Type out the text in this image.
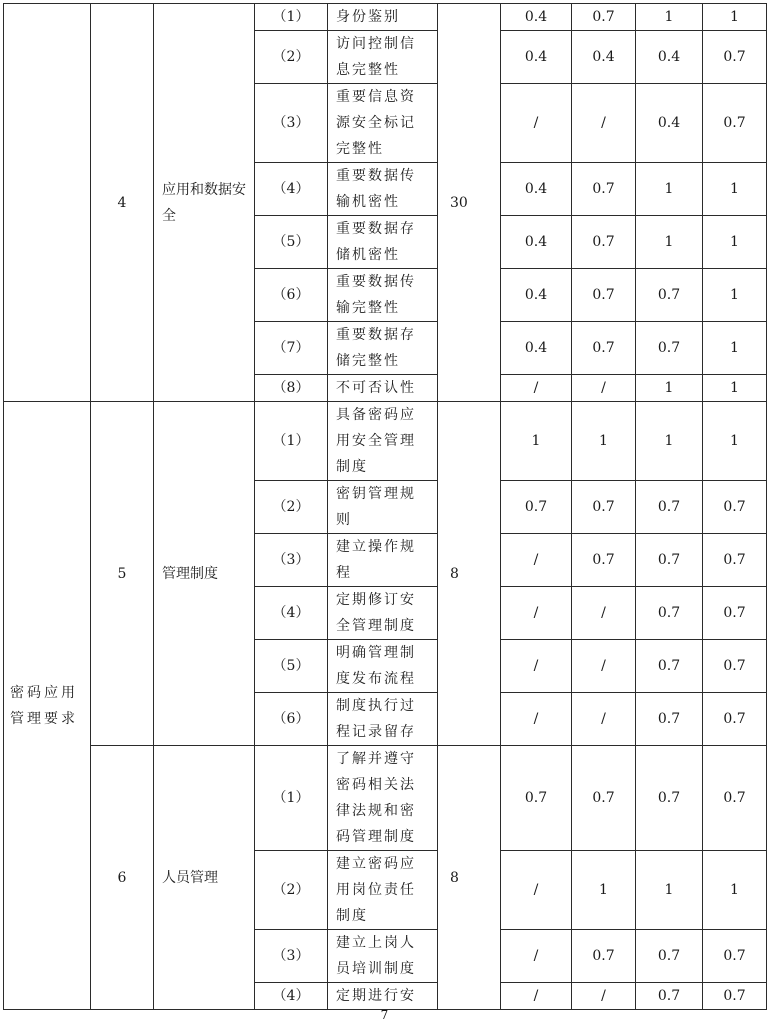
	4	应用和数据安全	（1）	身份鉴别	30	0.4	0.7	1	1
			（2）	访问控制信息完整性		0.4	0.4	0.4	0.7
			（3）	重要信息资源安全标记完整性		/	/	0.4	0.7
			（4）	重要数据传输机密性		0.4	0.7	1	1
			（5）	重要数据存储机密性		0.4	0.7	1	1
			（6）	重要数据传输完整性		0.4	0.7	0.7	1
			（7）	重要数据存储完整性		0.4	0.7	0.7	1
			（8）	不可否认性		/	/	1	1
密码应用管理要求	5	管理制度	（1）	具备密码应用安全管理制度	8	1	1	1	1
			（2）	密钥管理规则		0.7	0.7	0.7	0.7
			（3）	建立操作规程		/	0.7	0.7	0.7
			（4）	定期修订安全管理制度		/	/	0.7	0.7
			（5）	明确管理制度发布流程		/	/	0.7	0.7
			（6）	制度执行过程记录留存		/	/	0.7	0.7
	6	人员管理	（1）	了解并遵守密码相关法律法规和密码管理制度	8	0.7	0.7	0.7	0.7
			（2）	建立密码应用岗位责任制度		/	1	1	1
			（3）	建立上岗人员培训制度		/	0.7	0.7	0.7
			（4）	定期进行安		/	/	0.7	0.7
7
